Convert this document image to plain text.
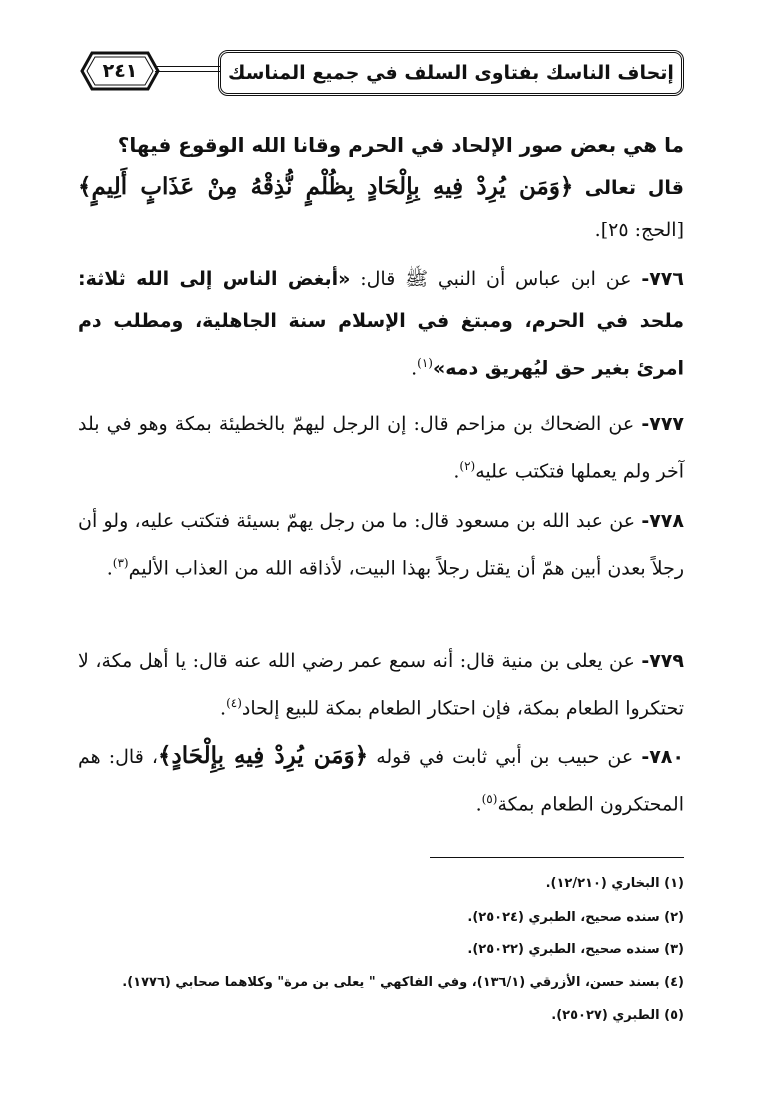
إتحاف الناسك بفتاوى السلف في جميع المناسك
٢٤١
ما هي بعض صور الإلحاد في الحرم وقانا الله الوقوع فيها؟
قال تعالى ﴿وَمَن يُرِدْ فِيهِ بِإِلْحَادٍ بِظُلْمٍ نُّذِقْهُ مِنْ عَذَابٍ أَلِيمٍ﴾ [الحج: ٢٥].
٧٧٦- عن ابن عباس أن النبي ﷺ قال: «أبغض الناس إلى الله ثلاثة: ملحد في الحرم، ومبتغ في الإسلام سنة الجاهلية، ومطلب دم امرئ بغير حق ليُهريق دمه»$^{(١)}$.
٧٧٧- عن الضحاك بن مزاحم قال: إن الرجل ليهمّ بالخطيئة بمكة وهو في بلد آخر ولم يعملها فتكتب عليه$^{(٢)}$.
٧٧٨- عن عبد الله بن مسعود قال: ما من رجل يهمّ بسيئة فتكتب عليه، ولو أن رجلاً بعدن أبين همّ أن يقتل رجلاً بهذا البيت، لأذاقه الله من العذاب الأليم$^{(٣)}$.
٧٧٩- عن يعلى بن منية قال: أنه سمع عمر رضي الله عنه قال: يا أهل مكة، لا تحتكروا الطعام بمكة، فإن احتكار الطعام بمكة للبيع إلحاد$^{(٤)}$.
٧٨٠- عن حبيب بن أبي ثابت في قوله ﴿وَمَن يُرِدْ فِيهِ بِإِلْحَادٍ﴾، قال: هم المحتكرون الطعام بمكة$^{(٥)}$.
(١) البخاري (١٢/٢١٠).
(٢) سنده صحيح، الطبري (٢٥٠٢٤).
(٣) سنده صحيح، الطبري (٢٥٠٢٢).
(٤) بسند حسن، الأزرقي (١٣٦/١)، وفي الفاكهي " يعلى بن مرة" وكلاهما صحابي (١٧٧٦).
(٥) الطبري (٢٥٠٢٧).
